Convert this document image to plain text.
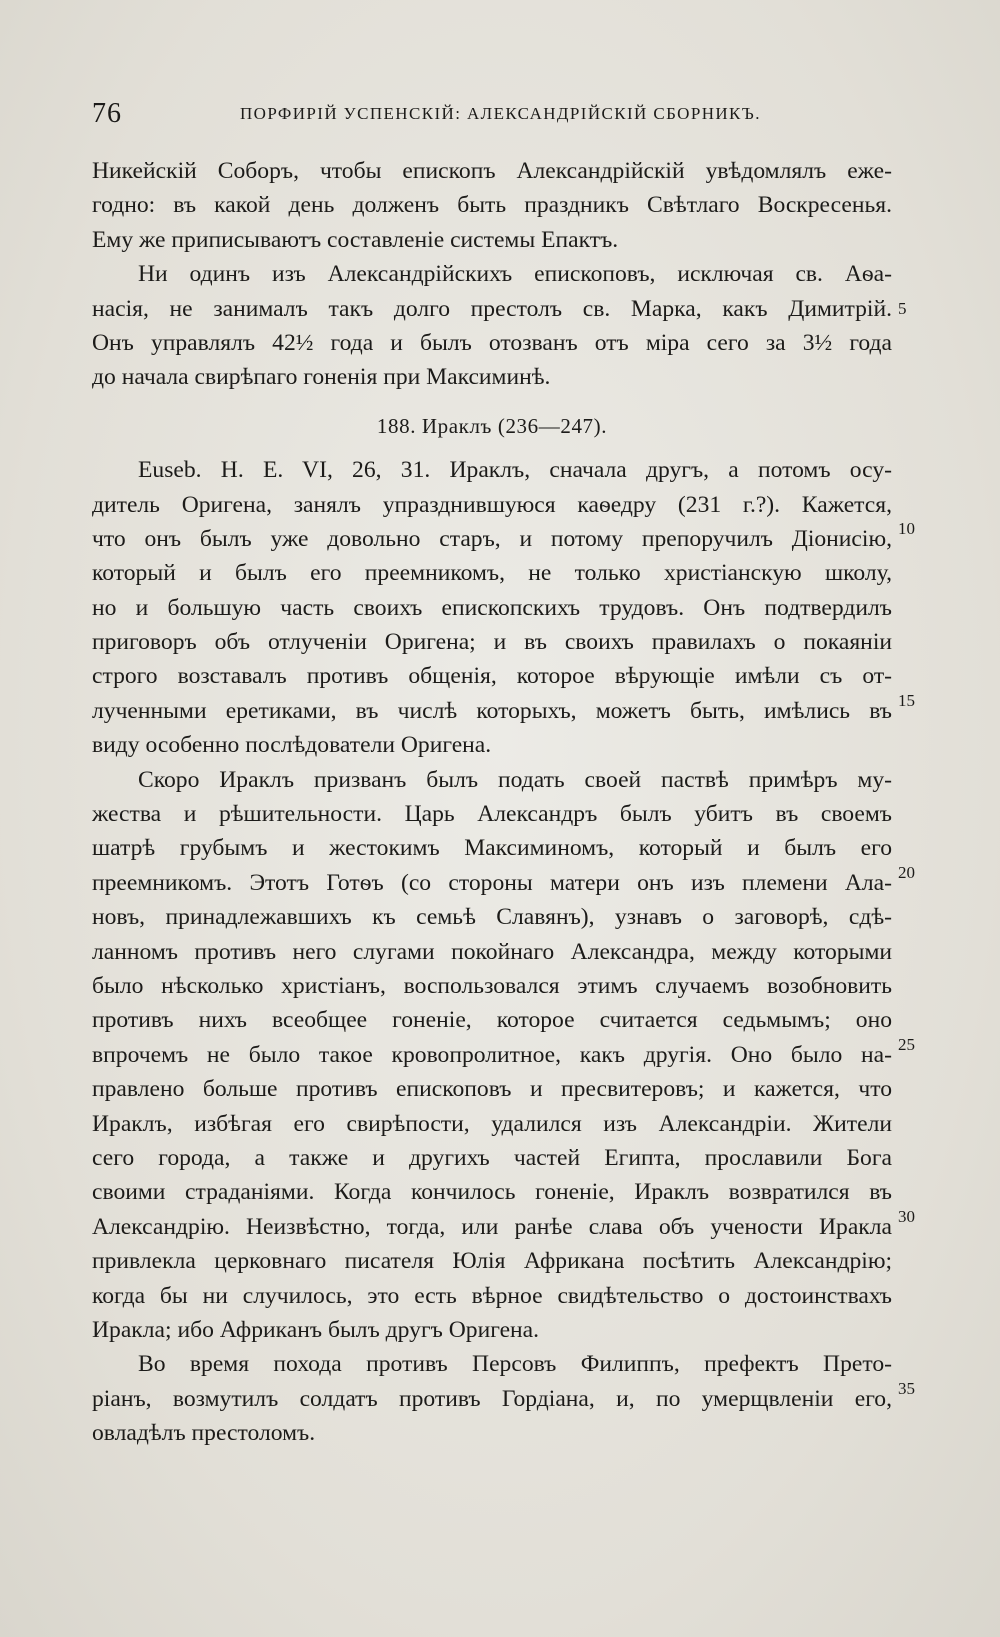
76	ПОРФИРІЙ УСПЕНСКІЙ: АЛЕКСАНДРІЙСКІЙ СБОРНИКЪ.
Никейскій Соборъ, чтобы епископъ Александрійскій увѣдомлялъ еже-
годно: въ какой день долженъ быть праздникъ Свѣтлаго Воскресенья.
Ему же приписываютъ составленіе системы Епактъ.
Ни одинъ изъ Александрійскихъ епископовъ, исключая св. Аѳа-
насія, не занималъ такъ долго престолъ св. Марка, какъ Димитрій.
Онъ управлялъ 42½ года и былъ отозванъ отъ міра сего за 3½ года
до начала свирѣпаго гоненія при Максиминѣ.
188. Ираклъ (236—247).
Euseb. H. E. VI, 26, 31. Ираклъ, сначала другъ, а потомъ осу-
дитель Оригена, занялъ упразднившуюся каѳедру (231 г.?). Кажется,
что онъ былъ уже довольно старъ, и потому препоручилъ Діонисію,
который и былъ его преемникомъ, не только христіанскую школу,
но и большую часть своихъ епископскихъ трудовъ. Онъ подтвердилъ
приговоръ объ отлученіи Оригена; и въ своихъ правилахъ о покаяніи
строго возставалъ противъ общенія, которое вѣрующіе имѣли съ от-
лученными еретиками, въ числѣ которыхъ, можетъ быть, имѣлись въ
виду особенно послѣдователи Оригена.
Скоро Ираклъ призванъ былъ подать своей паствѣ примѣръ му-
жества и рѣшительности. Царь Александръ былъ убитъ въ своемъ
шатрѣ грубымъ и жестокимъ Максиминомъ, который и былъ его
преемникомъ. Этотъ Готѳъ (со стороны матери онъ изъ племени Ала-
новъ, принадлежавшихъ къ семьѣ Славянъ), узнавъ о заговорѣ, сдѣ-
ланномъ противъ него слугами покойнаго Александра, между которыми
было нѣсколько христіанъ, воспользовался этимъ случаемъ возобновить
противъ нихъ всеобщее гоненіе, которое считается седьмымъ; оно
впрочемъ не было такое кровопролитное, какъ другія. Оно было на-
правлено больше противъ епископовъ и пресвитеровъ; и кажется, что
Ираклъ, избѣгая его свирѣпости, удалился изъ Александріи. Жители
сего города, а также и другихъ частей Египта, прославили Бога
своими страданіями. Когда кончилось гоненіе, Ираклъ возвратился въ
Александрію. Неизвѣстно, тогда, или ранѣе слава объ учености Иракла
привлекла церковнаго писателя Юлія Африкана посѣтить Александрію;
когда бы ни случилось, это есть вѣрное свидѣтельство о достоинствахъ
Иракла; ибо Африканъ былъ другъ Оригена.
Во время похода противъ Персовъ Филиппъ, префектъ Прето-
ріанъ, возмутилъ солдатъ противъ Гордіана, и, по умерщвленіи его,
овладѣлъ престоломъ.
5
10
15
20
25
30
35
